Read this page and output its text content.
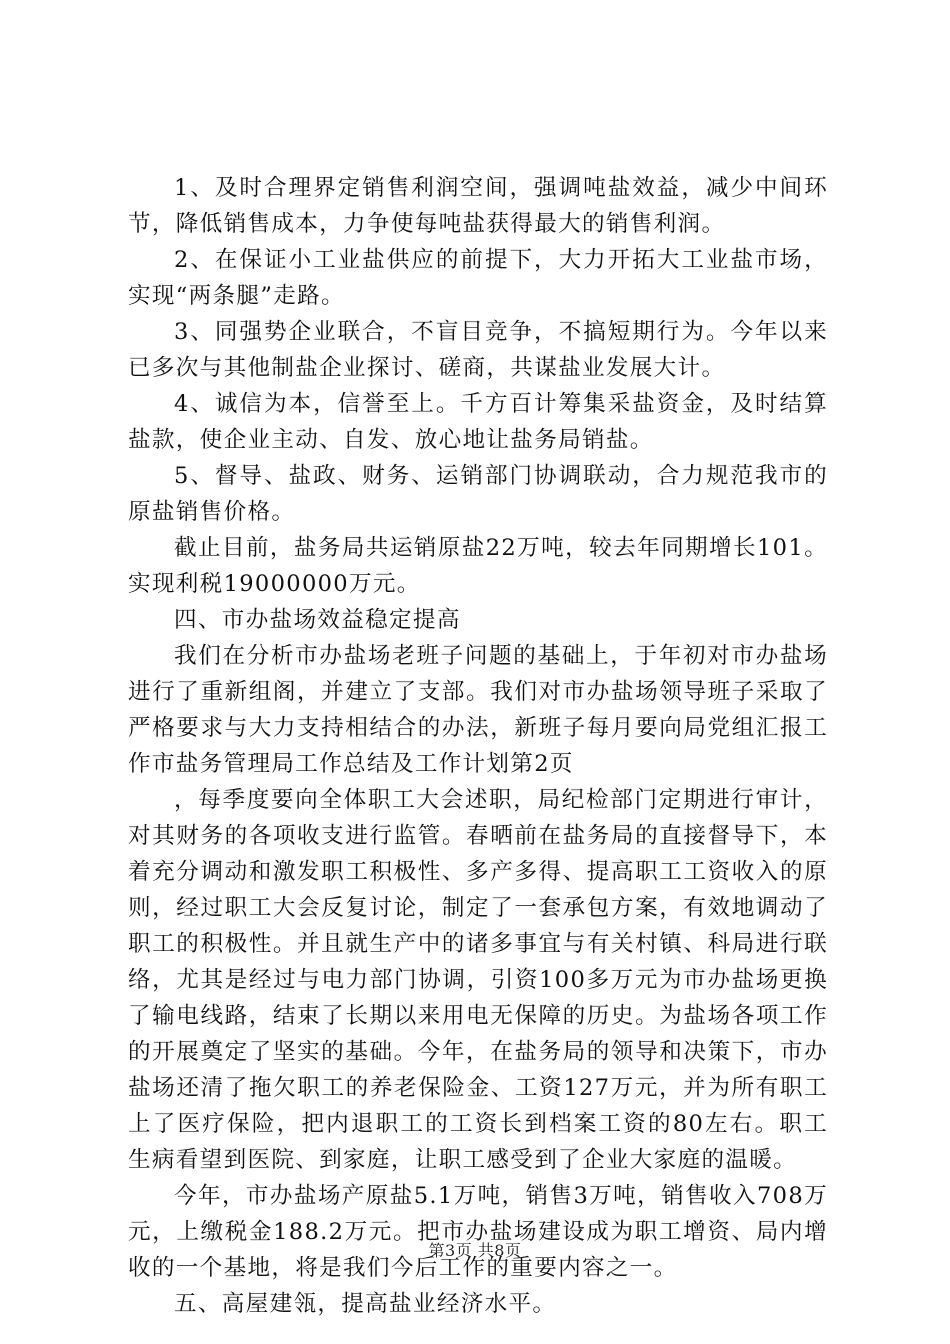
1、及时合理界定销售利润空间，强调吨盐效益，减少中间环节，降低销售成本，力争使每吨盐获得最大的销售利润。

2、在保证小工业盐供应的前提下，大力开拓大工业盐市场，实现“两条腿”走路。

3、同强势企业联合，不盲目竞争，不搞短期行为。今年以来已多次与其他制盐企业探讨、磋商，共谋盐业发展大计。

4、诚信为本，信誉至上。千方百计筹集采盐资金，及时结算盐款，使企业主动、自发、放心地让盐务局销盐。

5、督导、盐政、财务、运销部门协调联动，合力规范我市的原盐销售价格。

截止目前，盐务局共运销原盐22万吨，较去年同期增长101。实现利税19000000万元。

四、市办盐场效益稳定提高

我们在分析市办盐场老班子问题的基础上，于年初对市办盐场进行了重新组阁，并建立了支部。我们对市办盐场领导班子采取了严格要求与大力支持相结合的办法，新班子每月要向局党组汇报工作市盐务管理局工作总结及工作计划第2页

，每季度要向全体职工大会述职，局纪检部门定期进行审计，对其财务的各项收支进行监管。春晒前在盐务局的直接督导下，本着充分调动和激发职工积极性、多产多得、提高职工工资收入的原则，经过职工大会反复讨论，制定了一套承包方案，有效地调动了职工的积极性。并且就生产中的诸多事宜与有关村镇、科局进行联络，尤其是经过与电力部门协调，引资100多万元为市办盐场更换了输电线路，结束了长期以来用电无保障的历史。为盐场各项工作的开展奠定了坚实的基础。今年，在盐务局的领导和决策下，市办盐场还清了拖欠职工的养老保险金、工资127万元，并为所有职工上了医疗保险，把内退职工的工资长到档案工资的80左右。职工生病看望到医院、到家庭，让职工感受到了企业大家庭的温暖。

今年，市办盐场产原盐5.1万吨，销售3万吨，销售收入708万元，上缴税金188.2万元。把市办盐场建设成为职工增资、局内增收的一个基地，将是我们今后工作的重要内容之一。

五、高屋建瓴，提高盐业经济水平。

第3页 共8页
